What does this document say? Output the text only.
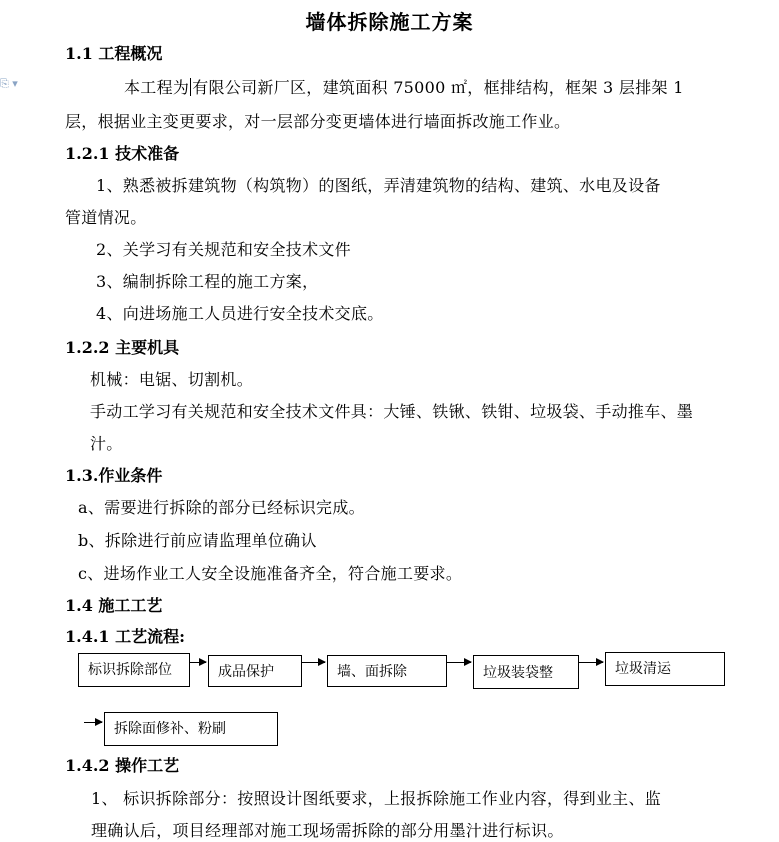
⎘ ▾
墙体拆除施工方案
1.1 工程概况
本工程为 有限公司新厂区，建筑面积 75000 ㎡，框排结构，框架 3 层排架 1
层，根据业主变更要求，对一层部分变更墙体进行墙面拆改施工作业。
1.2.1 技术准备
1、熟悉被拆建筑物（构筑物）的图纸，弄清建筑物的结构、建筑、水电及设备
管道情况。
2、关学习有关规范和安全技术文件
3、编制拆除工程的施工方案，
4、向进场施工人员进行安全技术交底。
1.2.2 主要机具
机械：电锯、切割机。
手动工学习有关规范和安全技术文件具：大锤、铁锹、铁钳、垃圾袋、手动推车、墨
汁。
1.3.作业条件
a、需要进行拆除的部分已经标识完成。
b、拆除进行前应请监理单位确认
c、进场作业工人安全设施准备齐全，符合施工要求。
1.4 施工工艺
1.4.1 工艺流程:
标识拆除部位	成品保护	墙、面拆除	垃圾装袋整	垃圾清运
拆除面修补、粉刷
1.4.2 操作工艺
1、 标识拆除部分：按照设计图纸要求，上报拆除施工作业内容，得到业主、监
理确认后，项目经理部对施工现场需拆除的部分用墨汁进行标识。
